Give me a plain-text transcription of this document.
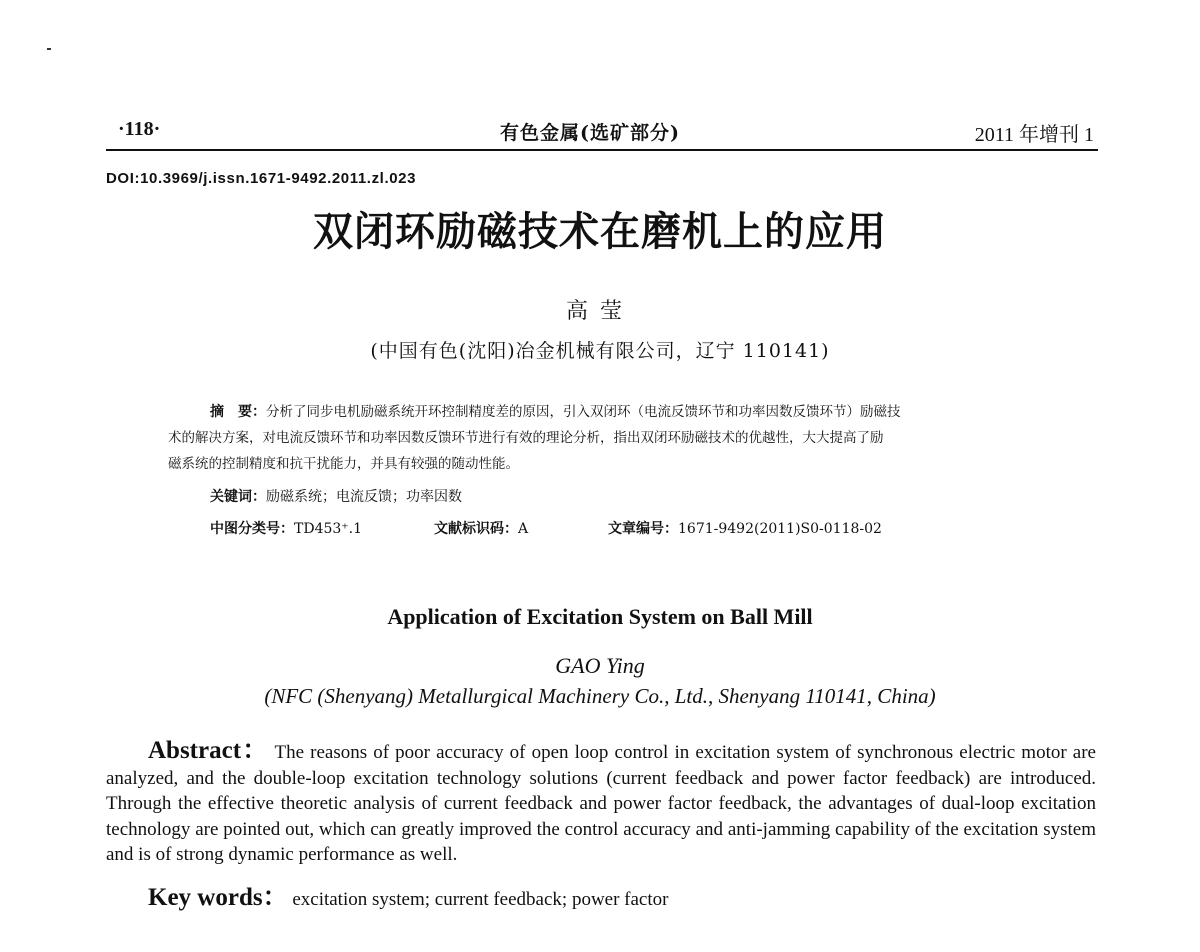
·118·	有色金属(选矿部分)	2011 年增刊 1
DOI:10.3969/j.issn.1671-9492.2011.zl.023
双闭环励磁技术在磨机上的应用
高莹
(中国有色(沈阳)冶金机械有限公司，辽宁 110141)
摘　要：分析了同步电机励磁系统开环控制精度差的原因，引入双闭环（电流反馈环节和功率因数反馈环节）励磁技
术的解决方案，对电流反馈环节和功率因数反馈环节进行有效的理论分析，指出双闭环励磁技术的优越性，大大提高了励
磁系统的控制精度和抗干扰能力，并具有较强的随动性能。
关键词：励磁系统；电流反馈；功率因数
中图分类号：TD453⁺.1	文献标识码：A	文章编号：1671-9492(2011)S0-0118-02
Application of Excitation System on Ball Mill
GAO Ying
(NFC (Shenyang) Metallurgical Machinery Co., Ltd., Shenyang 110141, China)
Abstract： The reasons of poor accuracy of open loop control in excitation system of synchronous electric motor are analyzed, and the double-loop excitation technology solutions (current feedback and power factor feedback) are introduced. Through the effective theoretic analysis of current feedback and power factor feedback, the advantages of dual-loop excitation technology are pointed out, which can greatly improved the control accuracy and anti-jamming capability of the excitation system and is of strong dynamic performance as well.
Key words： excitation system; current feedback; power factor
